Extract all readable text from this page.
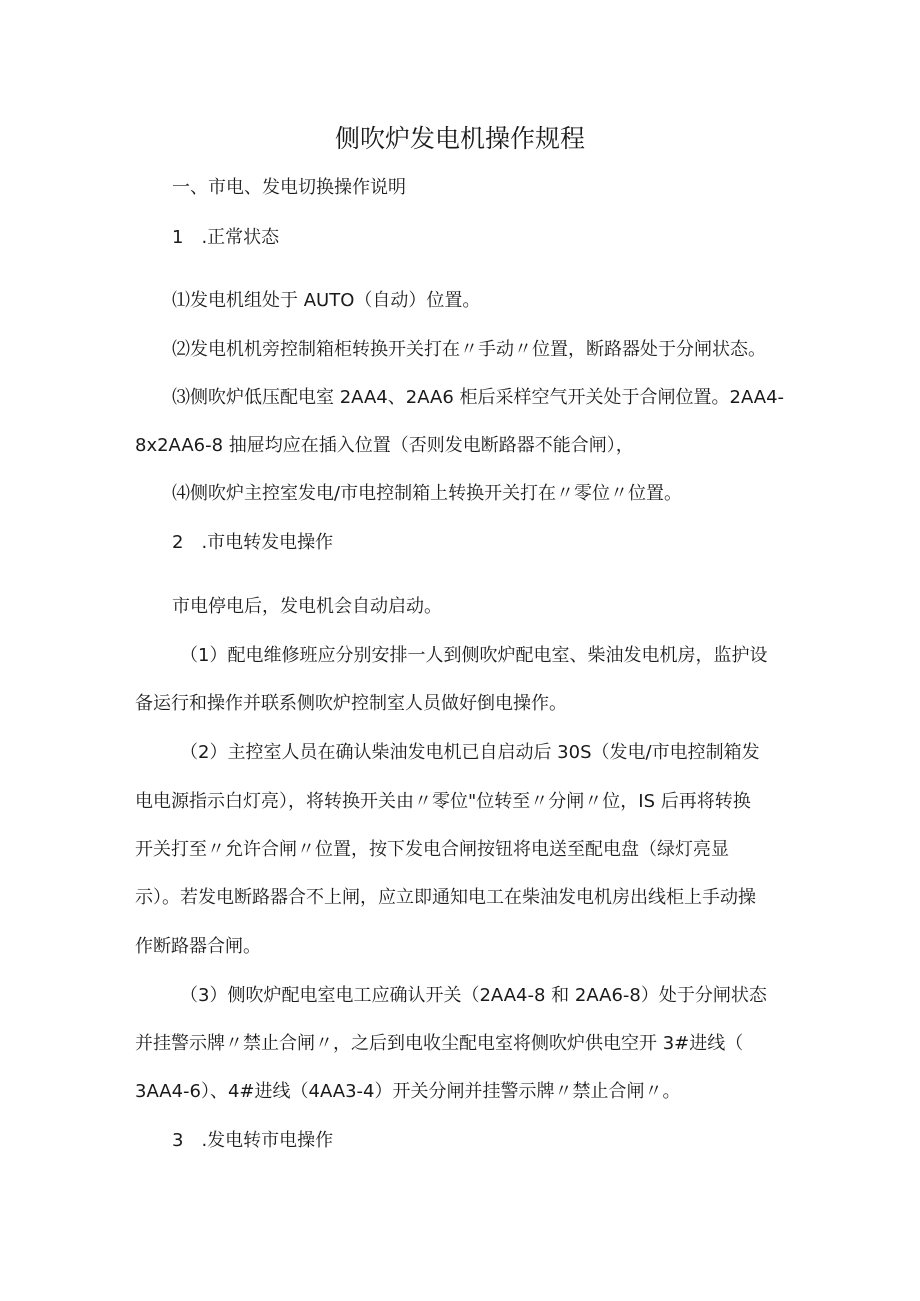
侧吹炉发电机操作规程
一、市电、发电切换操作说明
1　.正常状态
⑴发电机组处于 AUTO（自动）位置。
⑵发电机机旁控制箱柜转换开关打在〃手动〃位置，断路器处于分闸状态。
⑶侧吹炉低压配电室 2AA4、2AA6 柜后采样空气开关处于合闸位置。2AA4-
8x2AA6-8 抽屉均应在插入位置（否则发电断路器不能合闸），
⑷侧吹炉主控室发电/市电控制箱上转换开关打在〃零位〃位置。
2　.市电转发电操作
市电停电后，发电机会自动启动。
（1）配电维修班应分别安排一人到侧吹炉配电室、柴油发电机房，监护设
备运行和操作并联系侧吹炉控制室人员做好倒电操作。
（2）主控室人员在确认柴油发电机已自启动后 30S（发电/市电控制箱发
电电源指示白灯亮），将转换开关由〃零位"位转至〃分闸〃位，IS 后再将转换
开关打至〃允许合闸〃位置，按下发电合闸按钮将电送至配电盘（绿灯亮显
示）。若发电断路器合不上闸，应立即通知电工在柴油发电机房出线柜上手动操
作断路器合闸。
（3）侧吹炉配电室电工应确认开关（2AA4-8 和 2AA6-8）处于分闸状态
并挂警示牌〃禁止合闸〃，之后到电收尘配电室将侧吹炉供电空开 3#进线（
3AA4-6）、4#进线（4AA3-4）开关分闸并挂警示牌〃禁止合闸〃。
3　.发电转市电操作
